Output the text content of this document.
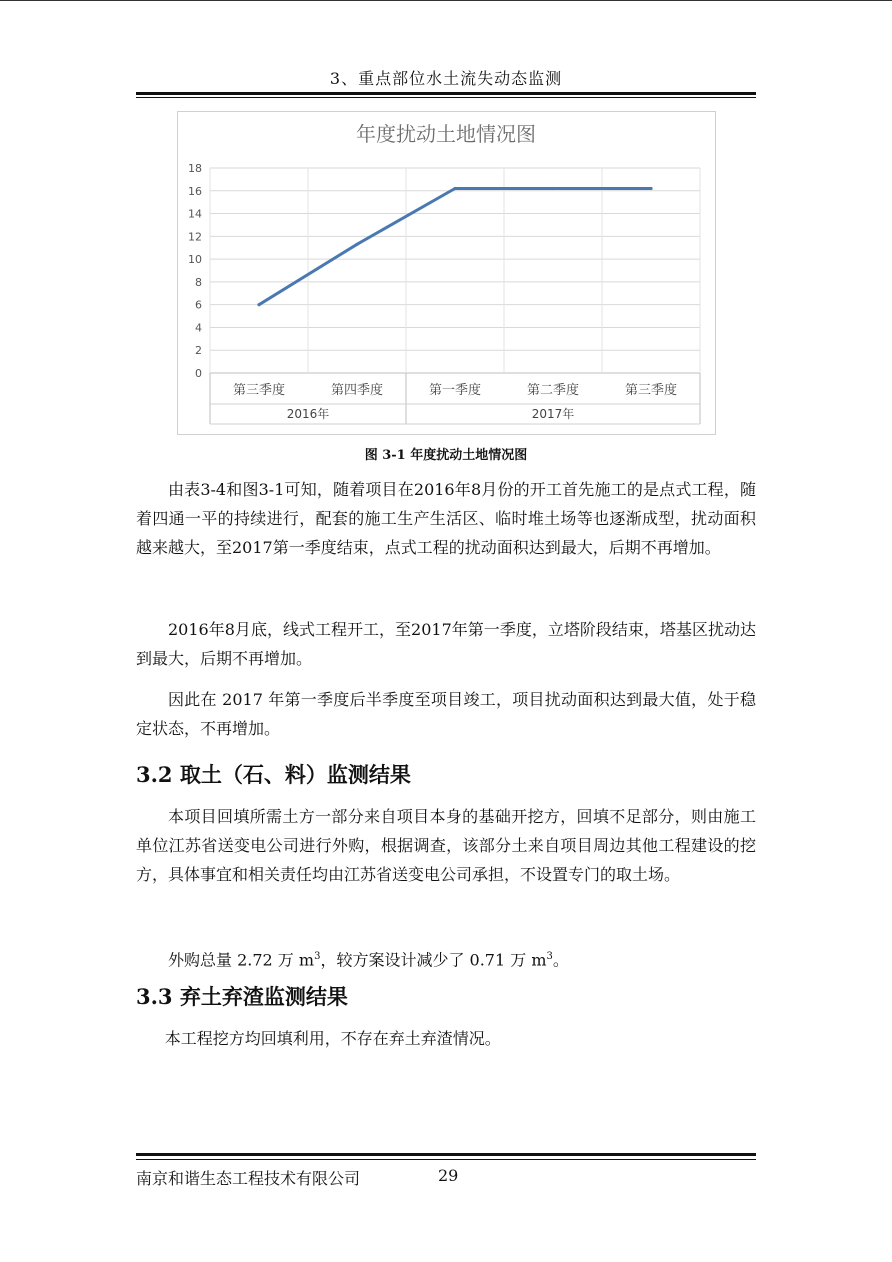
3、重点部位水土流失动态监测
年度扰动土地情况图
0
2
4
6
8
10
12
14
16
18
第三季度	第四季度	第一季度	第二季度	第三季度
2016年	2017年
图 3-1 年度扰动土地情况图

由表3-4和图3-1可知，随着项目在2016年8月份的开工首先施工的是点式工程，随着四通一平的持续进行，配套的施工生产生活区、临时堆土场等也逐渐成型，扰动面积越来越大，至2017第一季度结束，点式工程的扰动面积达到最大，后期不再增加。

2016年8月底，线式工程开工，至2017年第一季度，立塔阶段结束，塔基区扰动达到最大，后期不再增加。

因此在 2017 年第一季度后半季度至项目竣工，项目扰动面积达到最大值，处于稳定状态，不再增加。

3.2 取土（石、料）监测结果

本项目回填所需土方一部分来自项目本身的基础开挖方，回填不足部分，则由施工单位江苏省送变电公司进行外购，根据调查，该部分土来自项目周边其他工程建设的挖方，具体事宜和相关责任均由江苏省送变电公司承担，不设置专门的取土场。

外购总量 2.72 万 $m^3$，较方案设计减少了 0.71 万 $m^3$。

3.3 弃土弃渣监测结果

本工程挖方均回填利用，不存在弃土弃渣情况。

南京和谐生态工程技术有限公司	29
